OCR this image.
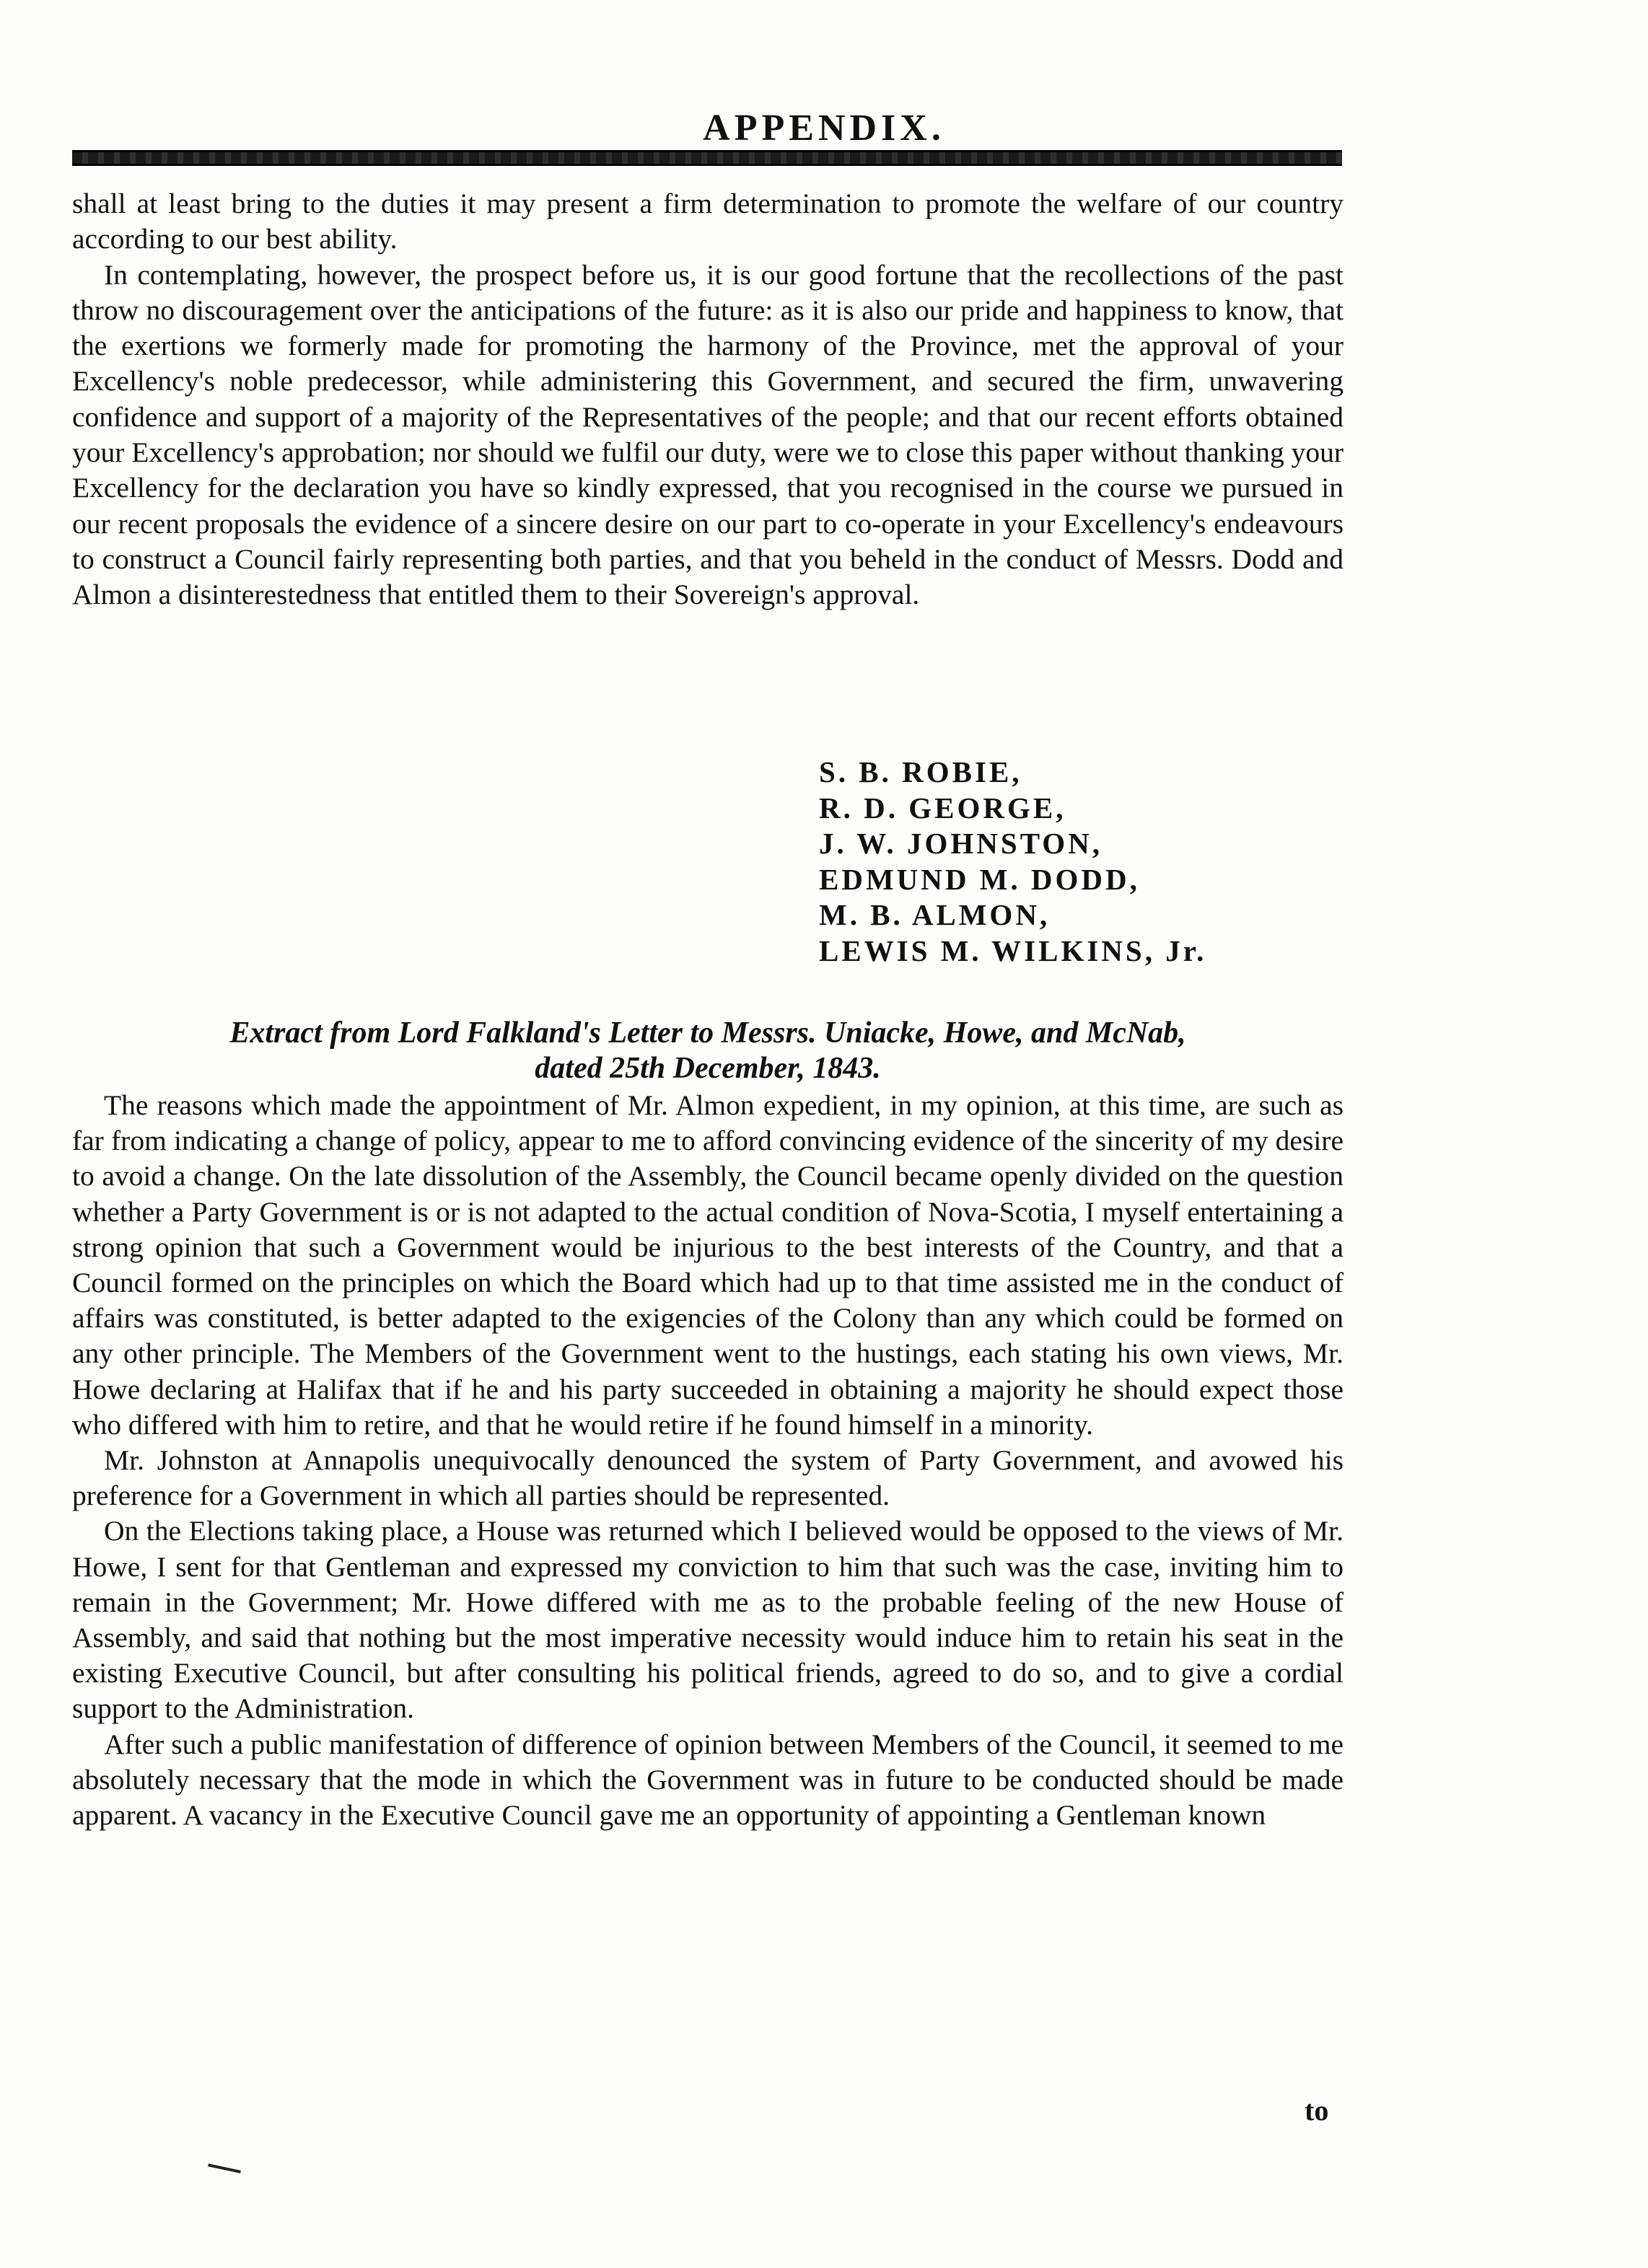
APPENDIX.

shall at least bring to the duties it may present a firm determination to promote the welfare of our country according to our best ability.

In contemplating, however, the prospect before us, it is our good fortune that the recollections of the past throw no discouragement over the anticipations of the future: as it is also our pride and happiness to know, that the exertions we formerly made for promoting the harmony of the Province, met the approval of your Excellency's noble predecessor, while administering this Government, and secured the firm, unwavering confidence and support of a majority of the Representatives of the people; and that our recent efforts obtained your Excellency's approbation; nor should we fulfil our duty, were we to close this paper without thanking your Excellency for the declaration you have so kindly expressed, that you recognised in the course we pursued in our recent proposals the evidence of a sincere desire on our part to co-operate in your Excellency's endeavours to construct a Council fairly representing both parties, and that you beheld in the conduct of Messrs. Dodd and Almon a disinterestedness that entitled them to their Sovereign's approval.

S. B. ROBIE,
R. D. GEORGE,
J. W. JOHNSTON,
EDMUND M. DODD,
M. B. ALMON,
LEWIS M. WILKINS, Jr.
Extract from Lord Falkland's Letter to Messrs. Uniacke, Howe, and McNab,
dated 25th December, 1843.

The reasons which made the appointment of Mr. Almon expedient, in my opinion, at this time, are such as far from indicating a change of policy, appear to me to afford convincing evidence of the sincerity of my desire to avoid a change. On the late dissolution of the Assembly, the Council became openly divided on the question whether a Party Government is or is not adapted to the actual condition of Nova-Scotia, I myself entertaining a strong opinion that such a Government would be injurious to the best interests of the Country, and that a Council formed on the principles on which the Board which had up to that time assisted me in the conduct of affairs was constituted, is better adapted to the exigencies of the Colony than any which could be formed on any other principle. The Members of the Government went to the hustings, each stating his own views, Mr. Howe declaring at Halifax that if he and his party succeeded in obtaining a majority he should expect those who differed with him to retire, and that he would retire if he found himself in a minority.

Mr. Johnston at Annapolis unequivocally denounced the system of Party Government, and avowed his preference for a Government in which all parties should be represented.

On the Elections taking place, a House was returned which I believed would be opposed to the views of Mr. Howe, I sent for that Gentleman and expressed my conviction to him that such was the case, inviting him to remain in the Government; Mr. Howe differed with me as to the probable feeling of the new House of Assembly, and said that nothing but the most imperative necessity would induce him to retain his seat in the existing Executive Council, but after consulting his political friends, agreed to do so, and to give a cordial support to the Administration.

After such a public manifestation of difference of opinion between Members of the Council, it seemed to me absolutely necessary that the mode in which the Government was in future to be conducted should be made apparent. A vacancy in the Executive Council gave me an opportunity of appointing a Gentleman known

to
